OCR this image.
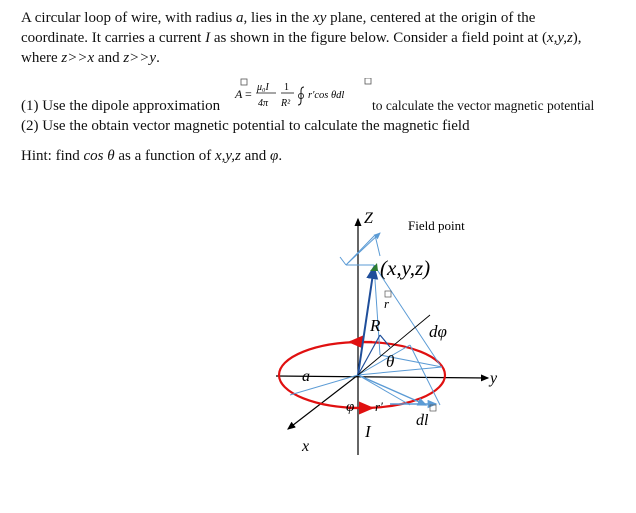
A circular loop of wire, with radius a, lies in the xy plane, centered at the origin of the
coordinate. It carries a current I as shown in the figure below. Consider a field point at (x,y,z),
where z>>x and z>>y.
A = μ₀I
4π
1
R²
r′cos θdl
(1) Use the dipole approximation	to calculate the vector magnetic potential
(2) Use the obtain vector magnetic potential to calculate the magnetic field
Hint: find cos θ as a function of x,y,z and φ.
Z	Field point
(x,y,z)
r
R	dφ
θ
a	y
φ r′
I
dl
x
